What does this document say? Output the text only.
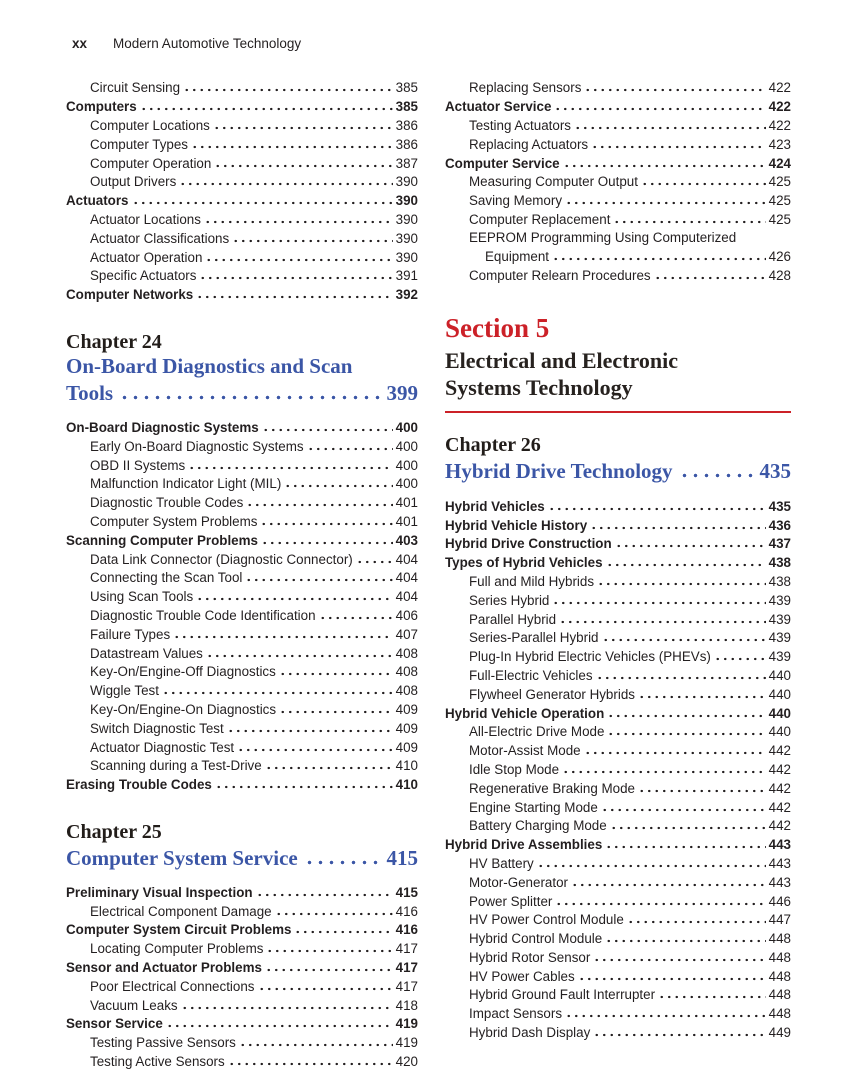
xx Modern Automotive Technology
Circuit Sensing	385
Computers	385
Computer Locations	386
Computer Types	386
Computer Operation	387
Output Drivers	390
Actuators	390
Actuator Locations	390
Actuator Classifications	390
Actuator Operation	390
Specific Actuators	391
Computer Networks	392
Chapter 24
On-Board Diagnostics and Scan
Tools	399
On-Board Diagnostic Systems	400
Early On-Board Diagnostic Systems	400
OBD II Systems	400
Malfunction Indicator Light (MIL)	400
Diagnostic Trouble Codes	401
Computer System Problems	401
Scanning Computer Problems	403
Data Link Connector (Diagnostic Connector)	404
Connecting the Scan Tool	404
Using Scan Tools	404
Diagnostic Trouble Code Identification	406
Failure Types	407
Datastream Values	408
Key-On/Engine-Off Diagnostics	408
Wiggle Test	408
Key-On/Engine-On Diagnostics	409
Switch Diagnostic Test	409
Actuator Diagnostic Test	409
Scanning during a Test-Drive	410
Erasing Trouble Codes	410
Chapter 25
Computer System Service	415
Preliminary Visual Inspection	415
Electrical Component Damage	416
Computer System Circuit Problems	416
Locating Computer Problems	417
Sensor and Actuator Problems	417
Poor Electrical Connections	417
Vacuum Leaks	418
Sensor Service	419
Testing Passive Sensors	419
Testing Active Sensors	420
Replacing Sensors	422
Actuator Service	422
Testing Actuators	422
Replacing Actuators	423
Computer Service	424
Measuring Computer Output	425
Saving Memory	425
Computer Replacement	425
EEPROM Programming Using Computerized
Equipment	426
Computer Relearn Procedures	428
Section 5
Electrical and Electronic
Systems Technology
Chapter 26
Hybrid Drive Technology	435
Hybrid Vehicles	435
Hybrid Vehicle History	436
Hybrid Drive Construction	437
Types of Hybrid Vehicles	438
Full and Mild Hybrids	438
Series Hybrid	439
Parallel Hybrid	439
Series-Parallel Hybrid	439
Plug-In Hybrid Electric Vehicles (PHEVs)	439
Full-Electric Vehicles	440
Flywheel Generator Hybrids	440
Hybrid Vehicle Operation	440
All-Electric Drive Mode	440
Motor-Assist Mode	442
Idle Stop Mode	442
Regenerative Braking Mode	442
Engine Starting Mode	442
Battery Charging Mode	442
Hybrid Drive Assemblies	443
HV Battery	443
Motor-Generator	443
Power Splitter	446
HV Power Control Module	447
Hybrid Control Module	448
Hybrid Rotor Sensor	448
HV Power Cables	448
Hybrid Ground Fault Interrupter	448
Impact Sensors	448
Hybrid Dash Display	449
